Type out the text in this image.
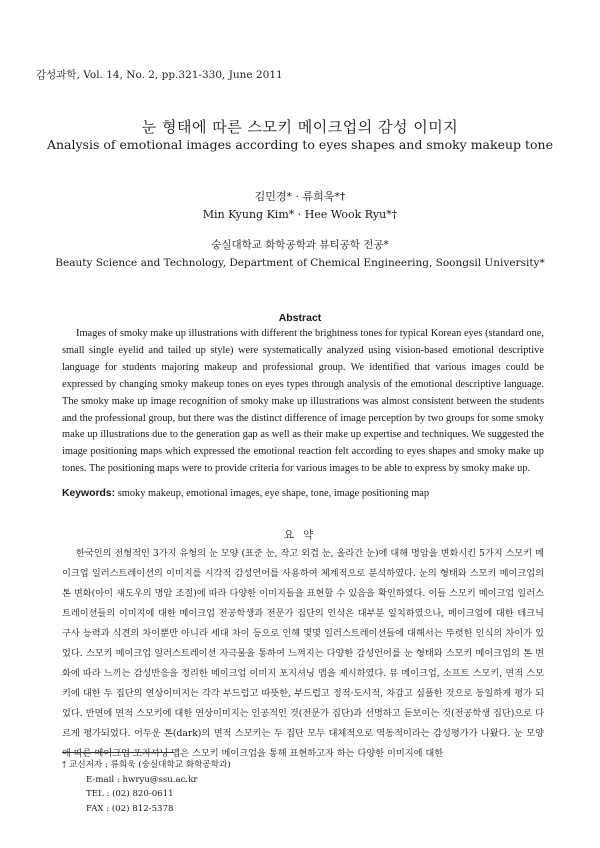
감성과학, Vol. 14, No. 2, pp.321-330, June 2011
눈 형태에 따른 스모키 메이크업의 감성 이미지
Analysis of emotional images according to eyes shapes and smoky makeup tone
김민경* · 류희욱*†
Min Kyung Kim* · Hee Wook Ryu*†
숭실대학교 화학공학과 뷰티공학 전공*
Beauty Science and Technology, Department of Chemical Engineering, Soongsil University*
Abstract
Images of smoky make up illustrations with different the brightness tones for typical Korean eyes (standard one, small single eyelid and tailed up style) were systematically analyzed using vision-based emotional descriptive language for students majoring makeup and professional group. We identified that various images could be expressed by changing smoky makeup tones on eyes types through analysis of the emotional descriptive language. The smoky make up image recognition of smoky make up illustrations was almost consistent between the students and the professional group, but there was the distinct difference of image perception by two groups for some smoky make up illustrations due to the generation gap as well as their make up expertise and techniques. We suggested the image positioning maps which expressed the emotional reaction felt according to eyes shapes and smoky make up tones. The positioning maps were to provide criteria for various images to be able to express by smoky make up.
Keywords: smoky makeup, emotional images, eye shape, tone, image positioning map
요 약
한국인의 전형적인 3가지 유형의 눈 모양 (표준 눈, 작고 외겹 눈, 올라간 눈)에 대해 명암을 변화시킨 5가지 스모키 메이크업 일러스트레이션의 이미지를 시각적 감성언어를 사용하여 체계적으로 분석하였다. 눈의 형태와 스모키 메이크업의 톤 변화(아이 섀도우의 명암 조절)에 따라 다양한 이미지들을 표현할 수 있음을 확인하였다. 이들 스모키 메이크업 일러스트레이션들의 이미지에 대한 메이크업 전공학생과 전문가 집단의 인식은 대부분 일치하였으나, 메이크업에 대한 테크닉 구사 능력과 식견의 차이뿐만 아니라 세대 차이 등으로 인해 몇몇 일러스트레이션들에 대해서는 뚜렷한 인식의 차이가 있었다. 스모키 메이크업 일러스트레이션 자극물을 통하여 느껴지는 다양한 감성언어를 눈 형태와 스모키 메이크업의 톤 변화에 따라 느끼는 감성반응을 정리한 메이크업 이미지 포지셔닝 맵을 제시하였다. 뮤 메이크업, 소프트 스모키, 면적 스모키에 대한 두 집단의 연상이미지는 각각 부드럽고 따뜻한, 부드럽고 정적·도시적, 차갑고 심플한 것으로 동일하게 평가 되었다. 반면에 면적 스모키에 대한 연상이미지는 인공적인 것(전문가 집단)과 선명하고 돋보이는 것(전공학생 집단)으로 다르게 평가되었다. 어두운 톤(dark)의 면적 스모키는 두 집단 모두 대체적으로 역동적이라는 감성평가가 나왔다. 눈 모양에 따른 메이크업 포지셔닝 맵은 스모키 메이크업을 통해 표현하고자 하는 다양한 이미지에 대한
† 교신저자 : 류희욱 (숭실대학교 화학공학과)
E-mail : hwryu@ssu.ac.kr
TEL : (02) 820-0611
FAX : (02) 812-5378
